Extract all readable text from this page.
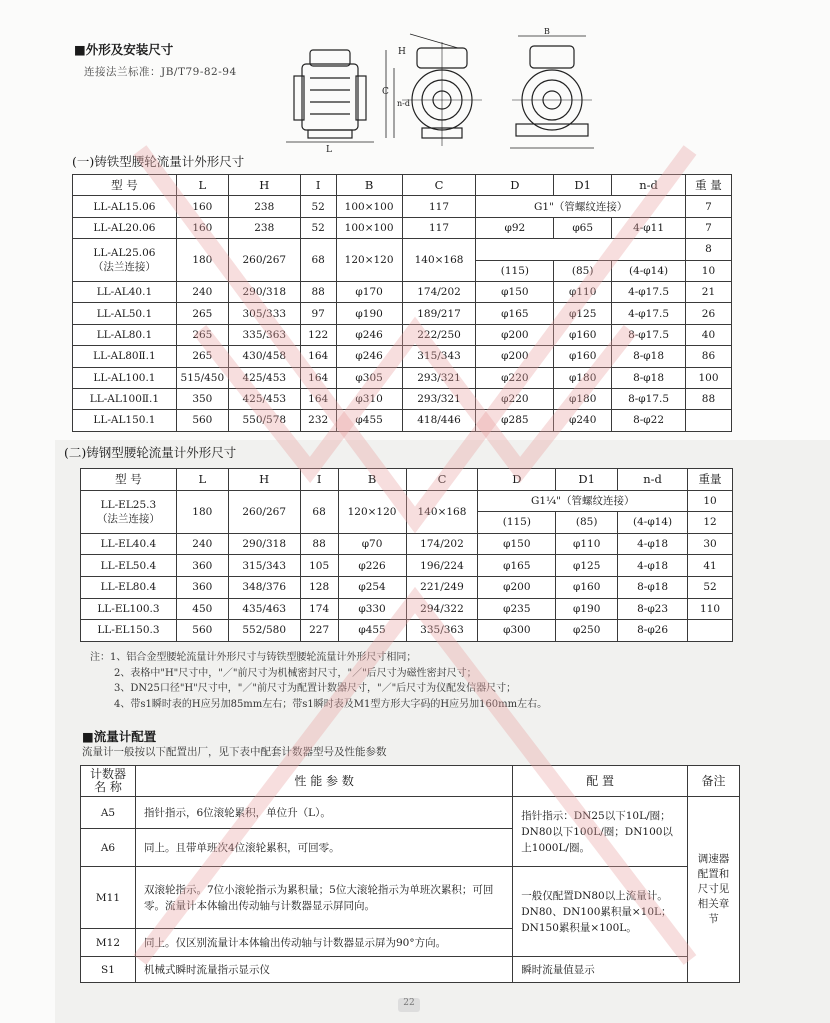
■外形及安装尺寸
连接法兰标准：JB/T79-82-94
C
n-d
H
L
B
(一)铸铁型腰轮流量计外形尺寸
型 号	L	H	I	B	C	D	D1	n-d	重 量
LL-AL15.06	160	238	52	100×100	117	G1"（管螺纹连接）			7
LL-AL20.06	160	238	52	100×100	117	φ92	φ65	4-φ11	7

LL-AL25.06
（法兰连接）	180	260/267	68	120×120	140×168				8
						(115)	(85)	(4-φ14)	10
LL-AL40.1	240	290/318	88	φ170	174/202	φ150	φ110	4-φ17.5	21
LL-AL50.1	265	305/333	97	φ190	189/217	φ165	φ125	4-φ17.5	26
LL-AL80.1	265	335/363	122	φ246	222/250	φ200	φ160	8-φ17.5	40
LL-AL80Ⅱ.1	265	430/458	164	φ246	315/343	φ200	φ160	8-φ18	86
LL-AL100.1	515/450	425/453	164	φ305	293/321	φ220	φ180	8-φ18	100
LL-AL100Ⅱ.1	350	425/453	164	φ310	293/321	φ220	φ180	8-φ17.5	88
LL-AL150.1	560	550/578	232	φ455	418/446	φ285	φ240	8-φ22	
(二)铸钢型腰轮流量计外形尺寸
型 号	L	H	I	B	C	D	D1	n-d	重量

LL-EL25.3
（法兰连接）	180	260/267	68	120×120	140×168	G1¼"（管螺纹连接）			10
						(115)	(85)	(4-φ14)	12
LL-EL40.4	240	290/318	88	φ70	174/202	φ150	φ110	4-φ18	30
LL-EL50.4	360	315/343	105	φ226	196/224	φ165	φ125	4-φ18	41
LL-EL80.4	360	348/376	128	φ254	221/249	φ200	φ160	8-φ18	52
LL-EL100.3	450	435/463	174	φ330	294/322	φ235	φ190	8-φ23	110
LL-EL150.3	560	552/580	227	φ455	335/363	φ300	φ250	8-φ26	
注：1、铝合金型腰轮流量计外形尺寸与铸铁型腰轮流量计外形尺寸相同；
2、表格中"H"尺寸中，"／"前尺寸为机械密封尺寸，"／"后尺寸为磁性密封尺寸；
3、DN25口径"H"尺寸中，"／"前尺寸为配置计数器尺寸，"／"后尺寸为仪配发信器尺寸；
4、带s1瞬时表的H应另加85mm左右；带s1瞬时表及M1型方形大字码的H应另加160mm左右。
■流量计配置
流量计一般按以下配置出厂，见下表中配套计数器型号及性能参数
计数器名 称	性 能 参 数	配 置	备注
A5	指针指示，6位滚轮累积，单位升（L）。	指针指示：DN25以下10L/圈；DN80以下100L/圈；DN100以上1000L/圈。	调速器配置和尺寸见相关章节
A6	同上。且带单班次4位滚轮累积，可回零。		
M11	双滚轮指示。7位小滚轮指示为累积量；5位大滚轮指示为单班次累积；可回零。流量计本体输出传动轴与计数器显示屏同向。	一般仅配置DN80以上流量计。DN80、DN100累积量×10L；DN150累积量×100L。	
M12	同上。仅区别流量计本体输出传动轴与计数器显示屏为90°方向。		
S1	机械式瞬时流量指示显示仪	瞬时流量值显示	
22
